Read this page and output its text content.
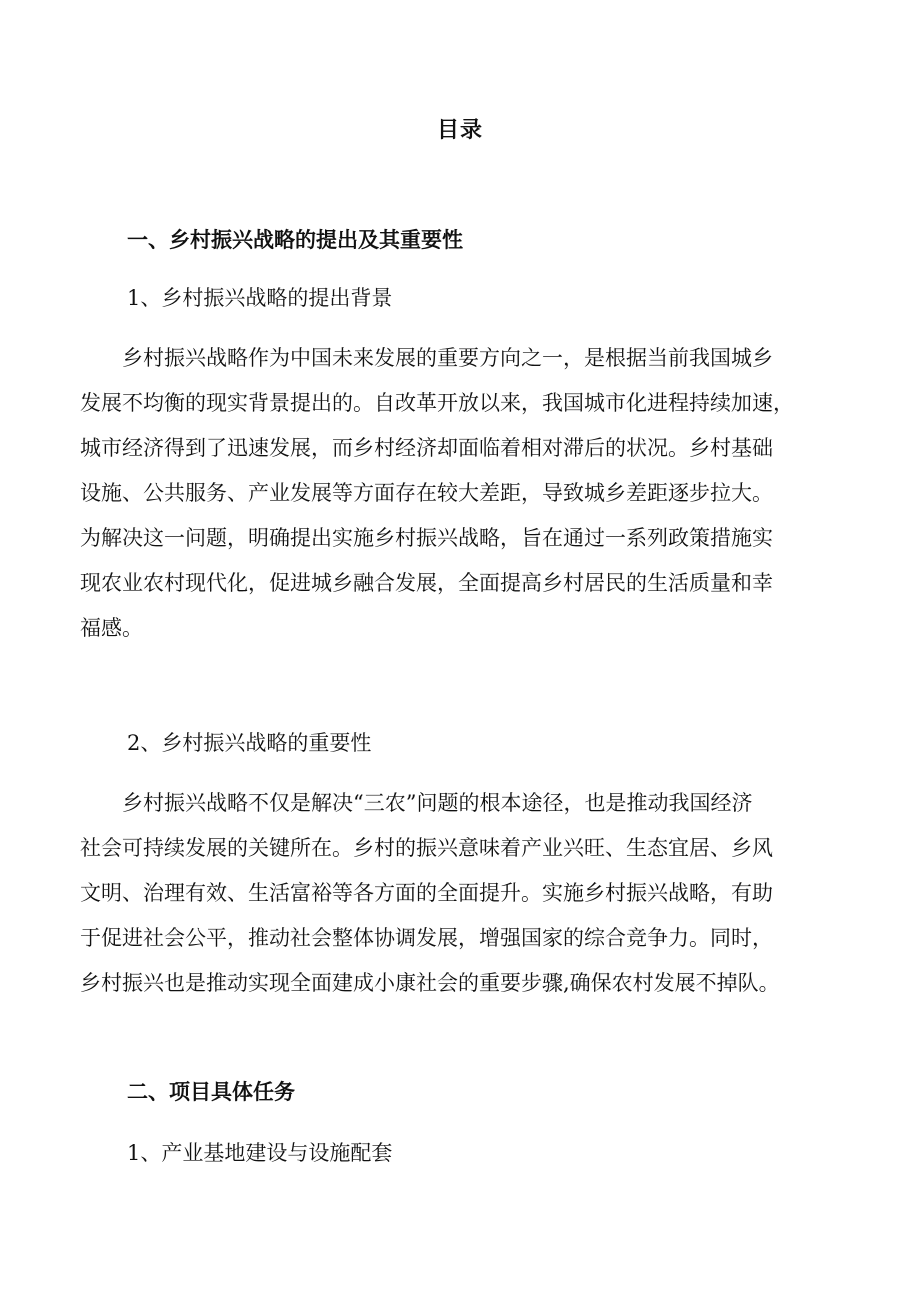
目录
一、乡村振兴战略的提出及其重要性
1、乡村振兴战略的提出背景
　　乡村振兴战略作为中国未来发展的重要方向之一，是根据当前我国城乡
发展不均衡的现实背景提出的。自改革开放以来，我国城市化进程持续加速，
城市经济得到了迅速发展，而乡村经济却面临着相对滞后的状况。乡村基础
设施、公共服务、产业发展等方面存在较大差距，导致城乡差距逐步拉大。
为解决这一问题，明确提出实施乡村振兴战略，旨在通过一系列政策措施实
现农业农村现代化，促进城乡融合发展，全面提高乡村居民的生活质量和幸
福感。
2、乡村振兴战略的重要性
　　乡村振兴战略不仅是解决“三农”问题的根本途径，也是推动我国经济
社会可持续发展的关键所在。乡村的振兴意味着产业兴旺、生态宜居、乡风
文明、治理有效、生活富裕等各方面的全面提升。实施乡村振兴战略，有助
于促进社会公平，推动社会整体协调发展，增强国家的综合竞争力。同时，
乡村振兴也是推动实现全面建成小康社会的重要步骤,确保农村发展不掉队。
二、项目具体任务
1、产业基地建设与设施配套
